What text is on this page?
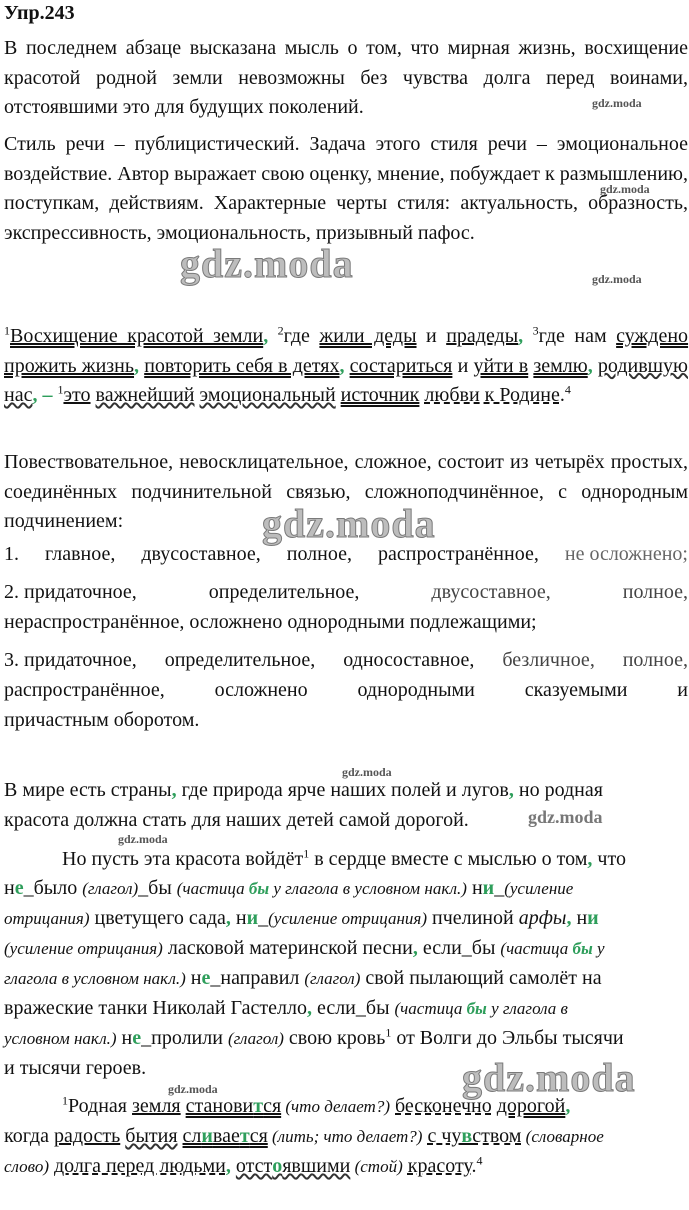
Упр.243

В последнем абзаце высказана мысль о том, что мирная жизнь, восхищение красотой родной земли невозможны без чувства долга перед воинами, отстоявшими это для будущих поколений.

Стиль речи – публицистический. Задача этого стиля речи – эмоциональное воздействие. Автор выражает свою оценку, мнение, побуждает к размышлению, поступкам, действиям. Характерные черты стиля: актуальность, образность, экспрессивность, эмоциональность, призывный пафос.

$^1$Восхищение красотой земли, $^2$где жили деды и прадеды, $^3$где нам суждено прожить жизнь, повторить себя в детях, состариться и уйти в землю, родившую нас, – $^1$это важнейший эмоциональный источник любви к Родине.$^4$

Повествовательное, невосклицательное, сложное, состоит из четырёх простых, соединённых подчинительной связью, сложноподчинённое, с однородным подчинением:

1. главное, двусоставное, полное, распространённое, не осложнено;
2. придаточное,	определительное,	двусоставное,	полное,
нераспространённое, осложнено однородными подлежащими;
3. придаточное, определительное, односоставное, безличное, полное,
распространённое, осложнено однородными сказуемыми и
причастным оборотом.
В мире есть страны, где природа ярче наших полей и лугов, но родная
красота должна стать для наших детей самой дорогой.
Но пусть эта красота войдёт$^1$ в сердце вместе с мыслью о том, что
не_было (глагол)_бы (частица бы у глагола в условном накл.) ни_(усиление
отрицания) цветущего сада, ни_(усиление отрицания) пчелиной арфы, ни
(усиление отрицания) ласковой материнской песни, если_бы (частица бы у
глагола в условном накл.) не_направил (глагол) свой пылающий самолёт на
вражеские танки Николай Гастелло, если_бы (частица бы у глагола в
условном накл.) не_пролили (глагол) свою кровь$^1$ от Волги до Эльбы тысячи
и тысячи героев.
$^1$Родная земля становится (что делает?) бесконечно дорогой,
когда радость бытия сливается (лить; что делает?) с чувством (словарное
слово) долга перед людьми, отстоявшими (стой) красоту.$^4$
gdz.moda
gdz.moda
gdz.moda
gdz.moda
gdz.moda
gdz.moda
gdz.moda
gdz.moda
gdz.moda
gdz.moda
